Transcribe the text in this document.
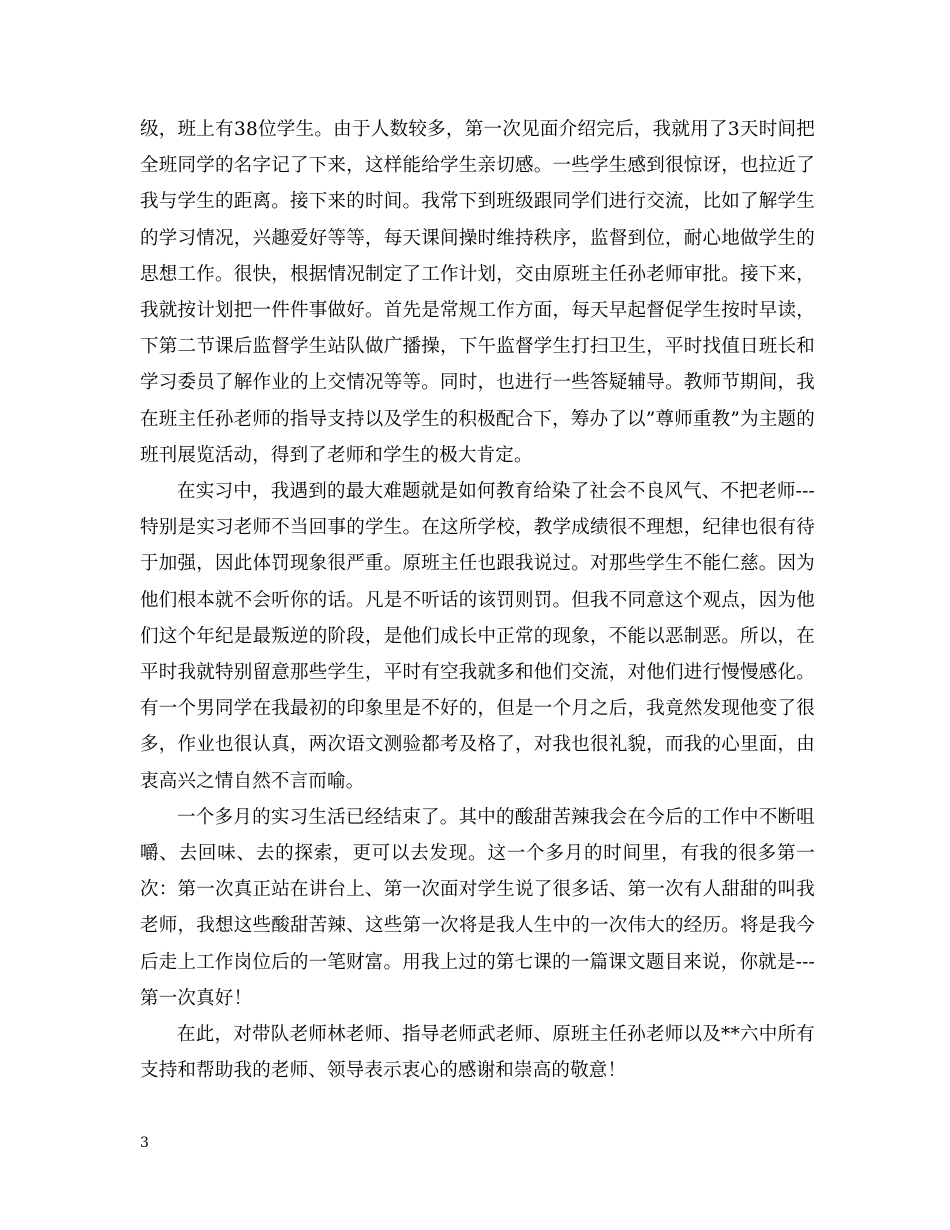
级，班上有38位学生。由于人数较多，第一次见面介绍完后，我就用了3天时间把全班同学的名字记了下来，这样能给学生亲切感。一些学生感到很惊讶，也拉近了我与学生的距离。接下来的时间。我常下到班级跟同学们进行交流，比如了解学生的学习情况，兴趣爱好等等，每天课间操时维持秩序，监督到位，耐心地做学生的思想工作。很快，根据情况制定了工作计划，交由原班主任孙老师审批。接下来，我就按计划把一件件事做好。首先是常规工作方面，每天早起督促学生按时早读，下第二节课后监督学生站队做广播操，下午监督学生打扫卫生，平时找值日班长和学习委员了解作业的上交情况等等。同时，也进行一些答疑辅导。教师节期间，我在班主任孙老师的指导支持以及学生的积极配合下，筹办了以”尊师重教”为主题的班刊展览活动，得到了老师和学生的极大肯定。

在实习中，我遇到的最大难题就是如何教育给染了社会不良风气、不把老师---特别是实习老师不当回事的学生。在这所学校，教学成绩很不理想，纪律也很有待于加强，因此体罚现象很严重。原班主任也跟我说过。对那些学生不能仁慈。因为他们根本就不会听你的话。凡是不听话的该罚则罚。但我不同意这个观点，因为他们这个年纪是最叛逆的阶段，是他们成长中正常的现象，不能以恶制恶。所以，在平时我就特别留意那些学生，平时有空我就多和他们交流，对他们进行慢慢感化。有一个男同学在我最初的印象里是不好的，但是一个月之后，我竟然发现他变了很多，作业也很认真，两次语文测验都考及格了，对我也很礼貌，而我的心里面，由衷高兴之情自然不言而喻。

一个多月的实习生活已经结束了。其中的酸甜苦辣我会在今后的工作中不断咀嚼、去回味、去的探索，更可以去发现。这一个多月的时间里，有我的很多第一次：第一次真正站在讲台上、第一次面对学生说了很多话、第一次有人甜甜的叫我老师，我想这些酸甜苦辣、这些第一次将是我人生中的一次伟大的经历。将是我今后走上工作岗位后的一笔财富。用我上过的第七课的一篇课文题目来说，你就是---第一次真好！

在此，对带队老师林老师、指导老师武老师、原班主任孙老师以及**六中所有支持和帮助我的老师、领导表示衷心的感谢和崇高的敬意！

3
